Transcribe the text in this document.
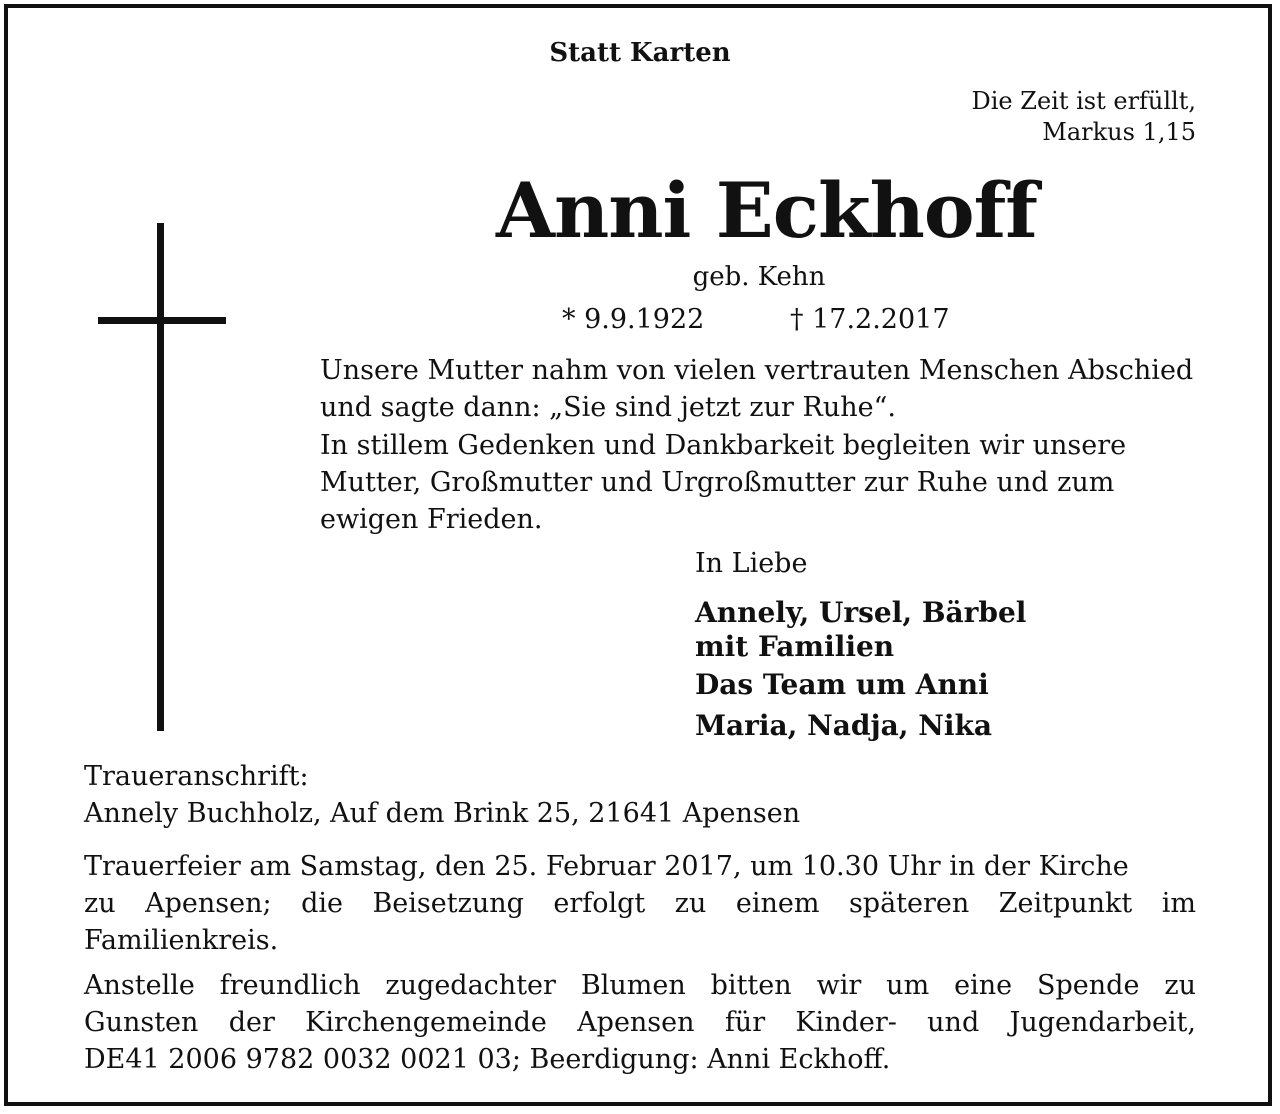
Statt Karten
Die Zeit ist erfüllt,
Markus 1,15
Anni Eckhoff
geb. Kehn
* 9.9.1922	† 17.2.2017
Unsere Mutter nahm von vielen vertrauten Menschen Abschied und sagte dann: „Sie sind jetzt zur Ruhe“.
In stillem Gedenken und Dankbarkeit begleiten wir unsere Mutter, Großmutter und Urgroßmutter zur Ruhe und zum ewigen Frieden.
In Liebe
Annely, Ursel, Bärbel
mit Familien
Das Team um Anni
Maria, Nadja, Nika
Traueranschrift:
Annely Buchholz, Auf dem Brink 25, 21641 Apensen
Trauerfeier am Samstag, den 25. Februar 2017, um 10.30 Uhr in der Kirche
zu Apensen; die Beisetzung erfolgt zu einem späteren Zeitpunkt im
Familienkreis.
Anstelle freundlich zugedachter Blumen bitten wir um eine Spende zu
Gunsten der Kirchengemeinde Apensen für Kinder- und Jugendarbeit,
DE41 2006 9782 0032 0021 03; Beerdigung: Anni Eckhoff.
